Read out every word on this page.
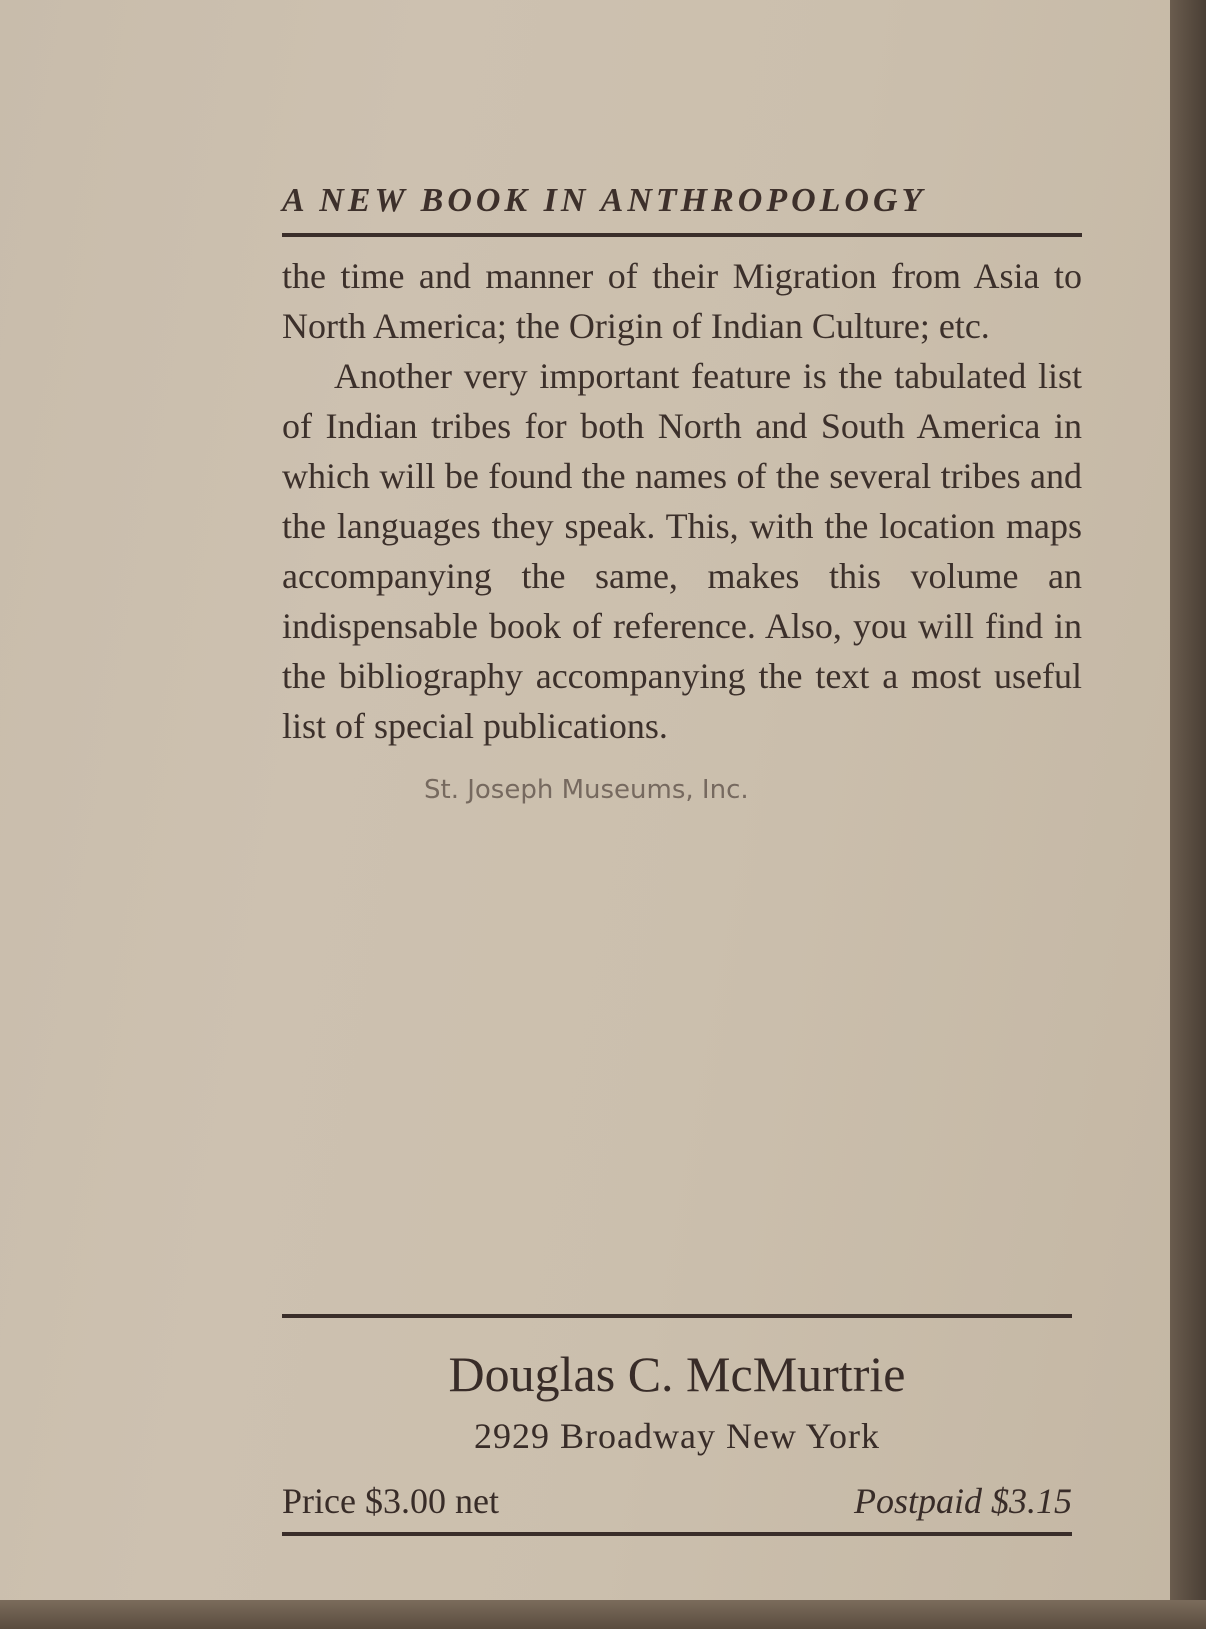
A NEW BOOK IN ANTHROPOLOGY

the time and manner of their Migration from Asia to North America; the Origin of Indian Culture; etc.

Another very important feature is the tabulated list of Indian tribes for both North and South America in which will be found the names of the several tribes and the languages they speak. This, with the location maps accompanying the same, makes this volume an indispensable book of reference. Also, you will find in the bibliography accompanying the text a most useful list of special publications.

St. Joseph Museums, Inc.
Douglas C. McMurtrie
2929 Broadway New York
Price $3.00 net	Postpaid $3.15
